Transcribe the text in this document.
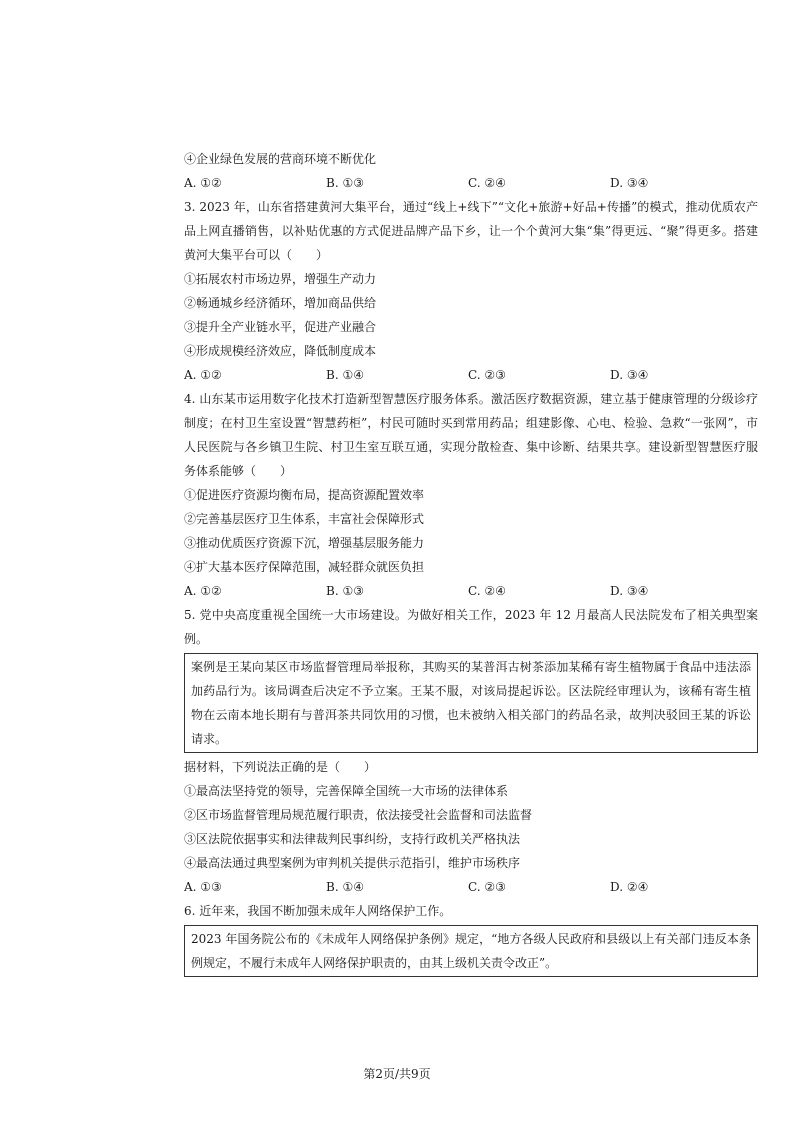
④企业绿色发展的营商环境不断优化
A. ①②	B. ①③	C. ②④	D. ③④
3. 2023 年，山东省搭建黄河大集平台，通过“线上+线下”“文化+旅游+好品+传播”的模式，推动优质农产品上网直播销售，以补贴优惠的方式促进品牌产品下乡，让一个个黄河大集“集”得更远、“聚”得更多。搭建黄河大集平台可以（　　）
①拓展农村市场边界，增强生产动力
②畅通城乡经济循环，增加商品供给
③提升全产业链水平，促进产业融合
④形成规模经济效应，降低制度成本
A. ①②	B. ①④	C. ②③	D. ③④
4. 山东某市运用数字化技术打造新型智慧医疗服务体系。激活医疗数据资源，建立基于健康管理的分级诊疗制度；在村卫生室设置“智慧药柜”，村民可随时买到常用药品；组建影像、心电、检验、急救“一张网”，市人民医院与各乡镇卫生院、村卫生室互联互通，实现分散检查、集中诊断、结果共享。建设新型智慧医疗服务体系能够（　　）
①促进医疗资源均衡布局，提高资源配置效率
②完善基层医疗卫生体系，丰富社会保障形式
③推动优质医疗资源下沉，增强基层服务能力
④扩大基本医疗保障范围，减轻群众就医负担
A. ①②	B. ①③	C. ②④	D. ③④
5. 党中央高度重视全国统一大市场建设。为做好相关工作，2023 年 12 月最高人民法院发布了相关典型案例。
案例是王某向某区市场监督管理局举报称，其购买的某普洱古树茶添加某稀有寄生植物属于食品中违法添加药品行为。该局调查后决定不予立案。王某不服，对该局提起诉讼。区法院经审理认为，该稀有寄生植物在云南本地长期有与普洱茶共同饮用的习惯，也未被纳入相关部门的药品名录，故判决驳回王某的诉讼请求。
据材料，下列说法正确的是（　　）
①最高法坚持党的领导，完善保障全国统一大市场的法律体系
②区市场监督管理局规范履行职责，依法接受社会监督和司法监督
③区法院依据事实和法律裁判民事纠纷，支持行政机关严格执法
④最高法通过典型案例为审判机关提供示范指引，维护市场秩序
A. ①③	B. ①④	C. ②③	D. ②④
6. 近年来，我国不断加强未成年人网络保护工作。
2023 年国务院公布的《未成年人网络保护条例》规定，“地方各级人民政府和县级以上有关部门违反本条例规定，不履行未成年人网络保护职责的，由其上级机关责令改正”。
第2页/共9页
